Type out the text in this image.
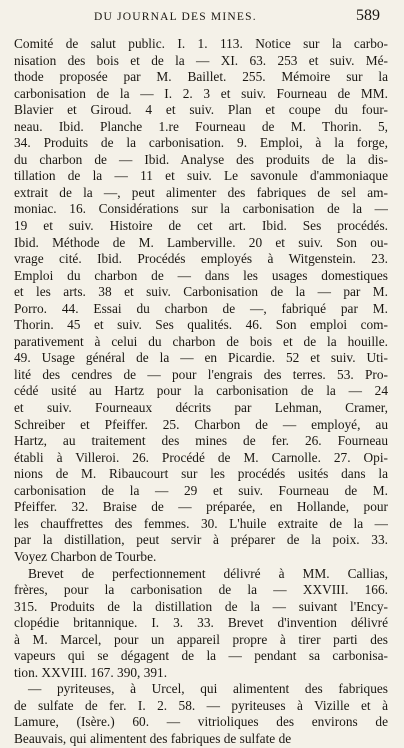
DU JOURNAL DES MINES.	589
Comité de salut public. I. 1. 113. Notice sur la carbo-
nisation des bois et de la — XI. 63. 253 et suiv. Mé-
thode proposée par M. Baillet. 255. Mémoire sur la
carbonisation de la — I. 2. 3 et suiv. Fourneau de MM.
Blavier et Giroud. 4 et suiv. Plan et coupe du four-
neau. Ibid. Planche 1.re Fourneau de M. Thorin. 5,
34. Produits de la carbonisation. 9. Emploi, à la forge,
du charbon de — Ibid. Analyse des produits de la dis-
tillation de la — 11 et suiv. Le savonule d'ammoniaque
extrait de la —, peut alimenter des fabriques de sel am-
moniac. 16. Considérations sur la carbonisation de la —
19 et suiv. Histoire de cet art. Ibid. Ses procédés.
Ibid. Méthode de M. Lamberville. 20 et suiv. Son ou-
vrage cité. Ibid. Procédés employés à Witgenstein. 23.
Emploi du charbon de — dans les usages domestiques
et les arts. 38 et suiv. Carbonisation de la — par M.
Porro. 44. Essai du charbon de —, fabriqué par M.
Thorin. 45 et suiv. Ses qualités. 46. Son emploi com-
parativement à celui du charbon de bois et de la houille.
49. Usage général de la — en Picardie. 52 et suiv. Uti-
lité des cendres de — pour l'engrais des terres. 53. Pro-
cédé usité au Hartz pour la carbonisation de la — 24
et suiv. Fourneaux décrits par Lehman, Cramer,
Schreiber et Pfeiffer. 25. Charbon de — employé, au
Hartz, au traitement des mines de fer. 26. Fourneau
établi à Villeroi. 26. Procédé de M. Carnolle. 27. Opi-
nions de M. Ribaucourt sur les procédés usités dans la
carbonisation de la — 29 et suiv. Fourneau de M.
Pfeiffer. 32. Braise de — préparée, en Hollande, pour
les chauffrettes des femmes. 30. L'huile extraite de la —
par la distillation, peut servir à préparer de la poix. 33.
Voyez Charbon de Tourbe.
Brevet de perfectionnement délivré à MM. Callias,
frères, pour la carbonisation de la — XXVIII. 166.
315. Produits de la distillation de la — suivant l'Ency-
clopédie britannique. I. 3. 33. Brevet d'invention délivré
à M. Marcel, pour un appareil propre à tirer parti des
vapeurs qui se dégagent de la — pendant sa carbonisa-
tion. XXVIII. 167. 390, 391.
— pyriteuses, à Urcel, qui alimentent des fabriques
de sulfate de fer. I. 2. 58. — pyriteuses à Vizille et à
Lamure, (Isère.) 60. — vitrioliques des environs de
Beauvais, qui alimentent des fabriques de sulfate de
